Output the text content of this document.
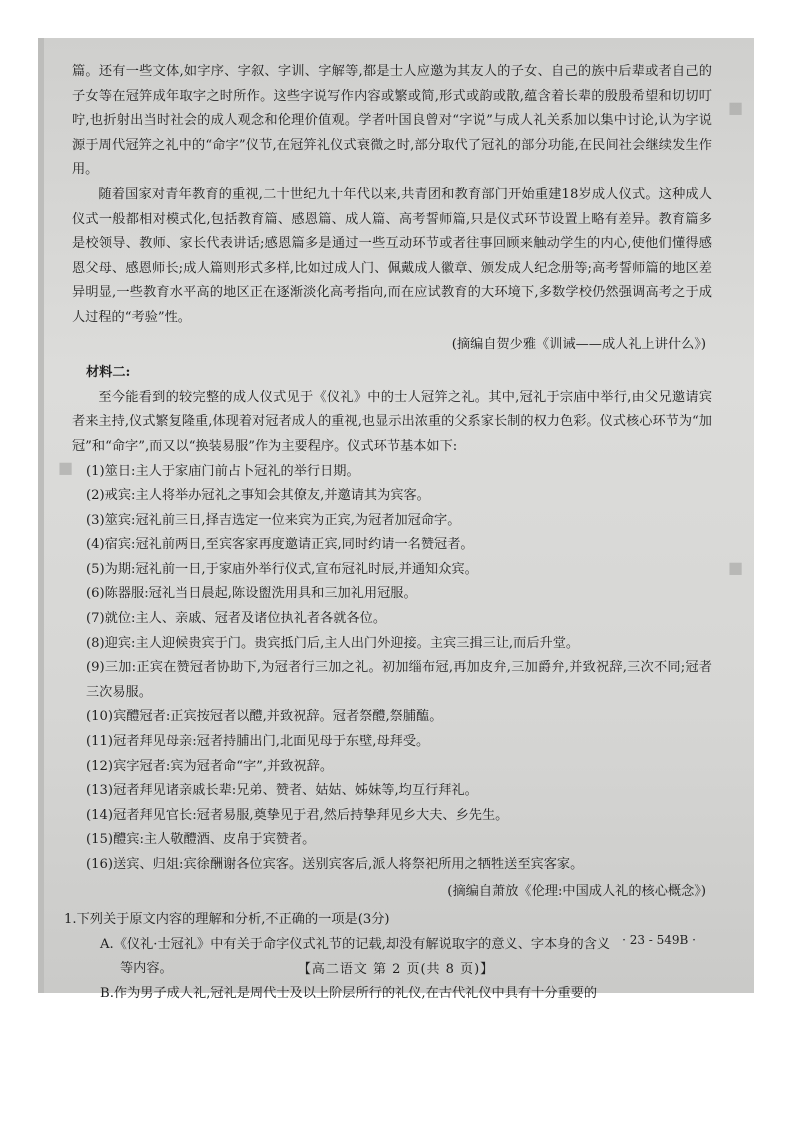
■
■
■

篇。还有一些文体,如字序、字叙、字训、字解等,都是士人应邀为其友人的子女、自己的族中后辈或者自己的子女等在冠笄成年取字之时所作。这些字说写作内容或繁或简,形式或韵或散,蕴含着长辈的殷殷希望和切切叮咛,也折射出当时社会的成人观念和伦理价值观。学者叶国良曾对“字说”与成人礼关系加以集中讨论,认为字说源于周代冠笄之礼中的“命字”仪节,在冠笄礼仪式衰微之时,部分取代了冠礼的部分功能,在民间社会继续发生作用。

随着国家对青年教育的重视,二十世纪九十年代以来,共青团和教育部门开始重建18岁成人仪式。这种成人仪式一般都相对模式化,包括教育篇、感恩篇、成人篇、高考誓师篇,只是仪式环节设置上略有差异。教育篇多是校领导、教师、家长代表讲话;感恩篇多是通过一些互动环节或者往事回顾来触动学生的内心,使他们懂得感恩父母、感恩师长;成人篇则形式多样,比如过成人门、佩戴成人徽章、颁发成人纪念册等;高考誓师篇的地区差异明显,一些教育水平高的地区正在逐渐淡化高考指向,而在应试教育的大环境下,多数学校仍然强调高考之于成人过程的“考验”性。

(摘编自贺少雅《训诫——成人礼上讲什么》)

材料二:

至今能看到的较完整的成人仪式见于《仪礼》中的士人冠笄之礼。其中,冠礼于宗庙中举行,由父兄邀请宾者来主持,仪式繁复隆重,体现着对冠者成人的重视,也显示出浓重的父系家长制的权力色彩。仪式核心环节为“加冠”和“命字”,而又以“换装易服”作为主要程序。仪式环节基本如下:

(1)筮日:主人于家庙门前占卜冠礼的举行日期。

(2)戒宾:主人将举办冠礼之事知会其僚友,并邀请其为宾客。

(3)筮宾:冠礼前三日,择吉选定一位来宾为正宾,为冠者加冠命字。

(4)宿宾:冠礼前两日,至宾客家再度邀请正宾,同时约请一名赞冠者。

(5)为期:冠礼前一日,于家庙外举行仪式,宣布冠礼时辰,并通知众宾。

(6)陈器服:冠礼当日晨起,陈设盥洗用具和三加礼用冠服。

(7)就位:主人、亲戚、冠者及诸位执礼者各就各位。

(8)迎宾:主人迎候贵宾于门。贵宾抵门后,主人出门外迎接。主宾三揖三让,而后升堂。

(9)三加:正宾在赞冠者协助下,为冠者行三加之礼。初加缁布冠,再加皮弁,三加爵弁,并致祝辞,三次不同;冠者三次易服。

(10)宾醴冠者:正宾按冠者以醴,并致祝辞。冠者祭醴,祭脯醢。

(11)冠者拜见母亲:冠者持脯出门,北面见母于东壁,母拜受。

(12)宾字冠者:宾为冠者命“字”,并致祝辞。

(13)冠者拜见诸亲戚长辈:兄弟、赞者、姑姑、姊妹等,均互行拜礼。

(14)冠者拜见官长:冠者易服,奠挚见于君,然后持挚拜见乡大夫、乡先生。

(15)醴宾:主人敬醴酒、皮帛于宾赞者。

(16)送宾、归俎:宾徐酬谢各位宾客。送别宾客后,派人将祭祀所用之牺牲送至宾客家。

(摘编自萧放《伦理:中国成人礼的核心概念》)

1.下列关于原文内容的理解和分析,不正确的一项是(3分)

A.《仪礼·士冠礼》中有关于命字仪式礼节的记载,却没有解说取字的意义、字本身的含义

等内容。

B.作为男子成人礼,冠礼是周代士及以上阶层所行的礼仪,在古代礼仪中具有十分重要的

· 23 - 549B ·
【高二语文 第 2 页(共 8 页)】
